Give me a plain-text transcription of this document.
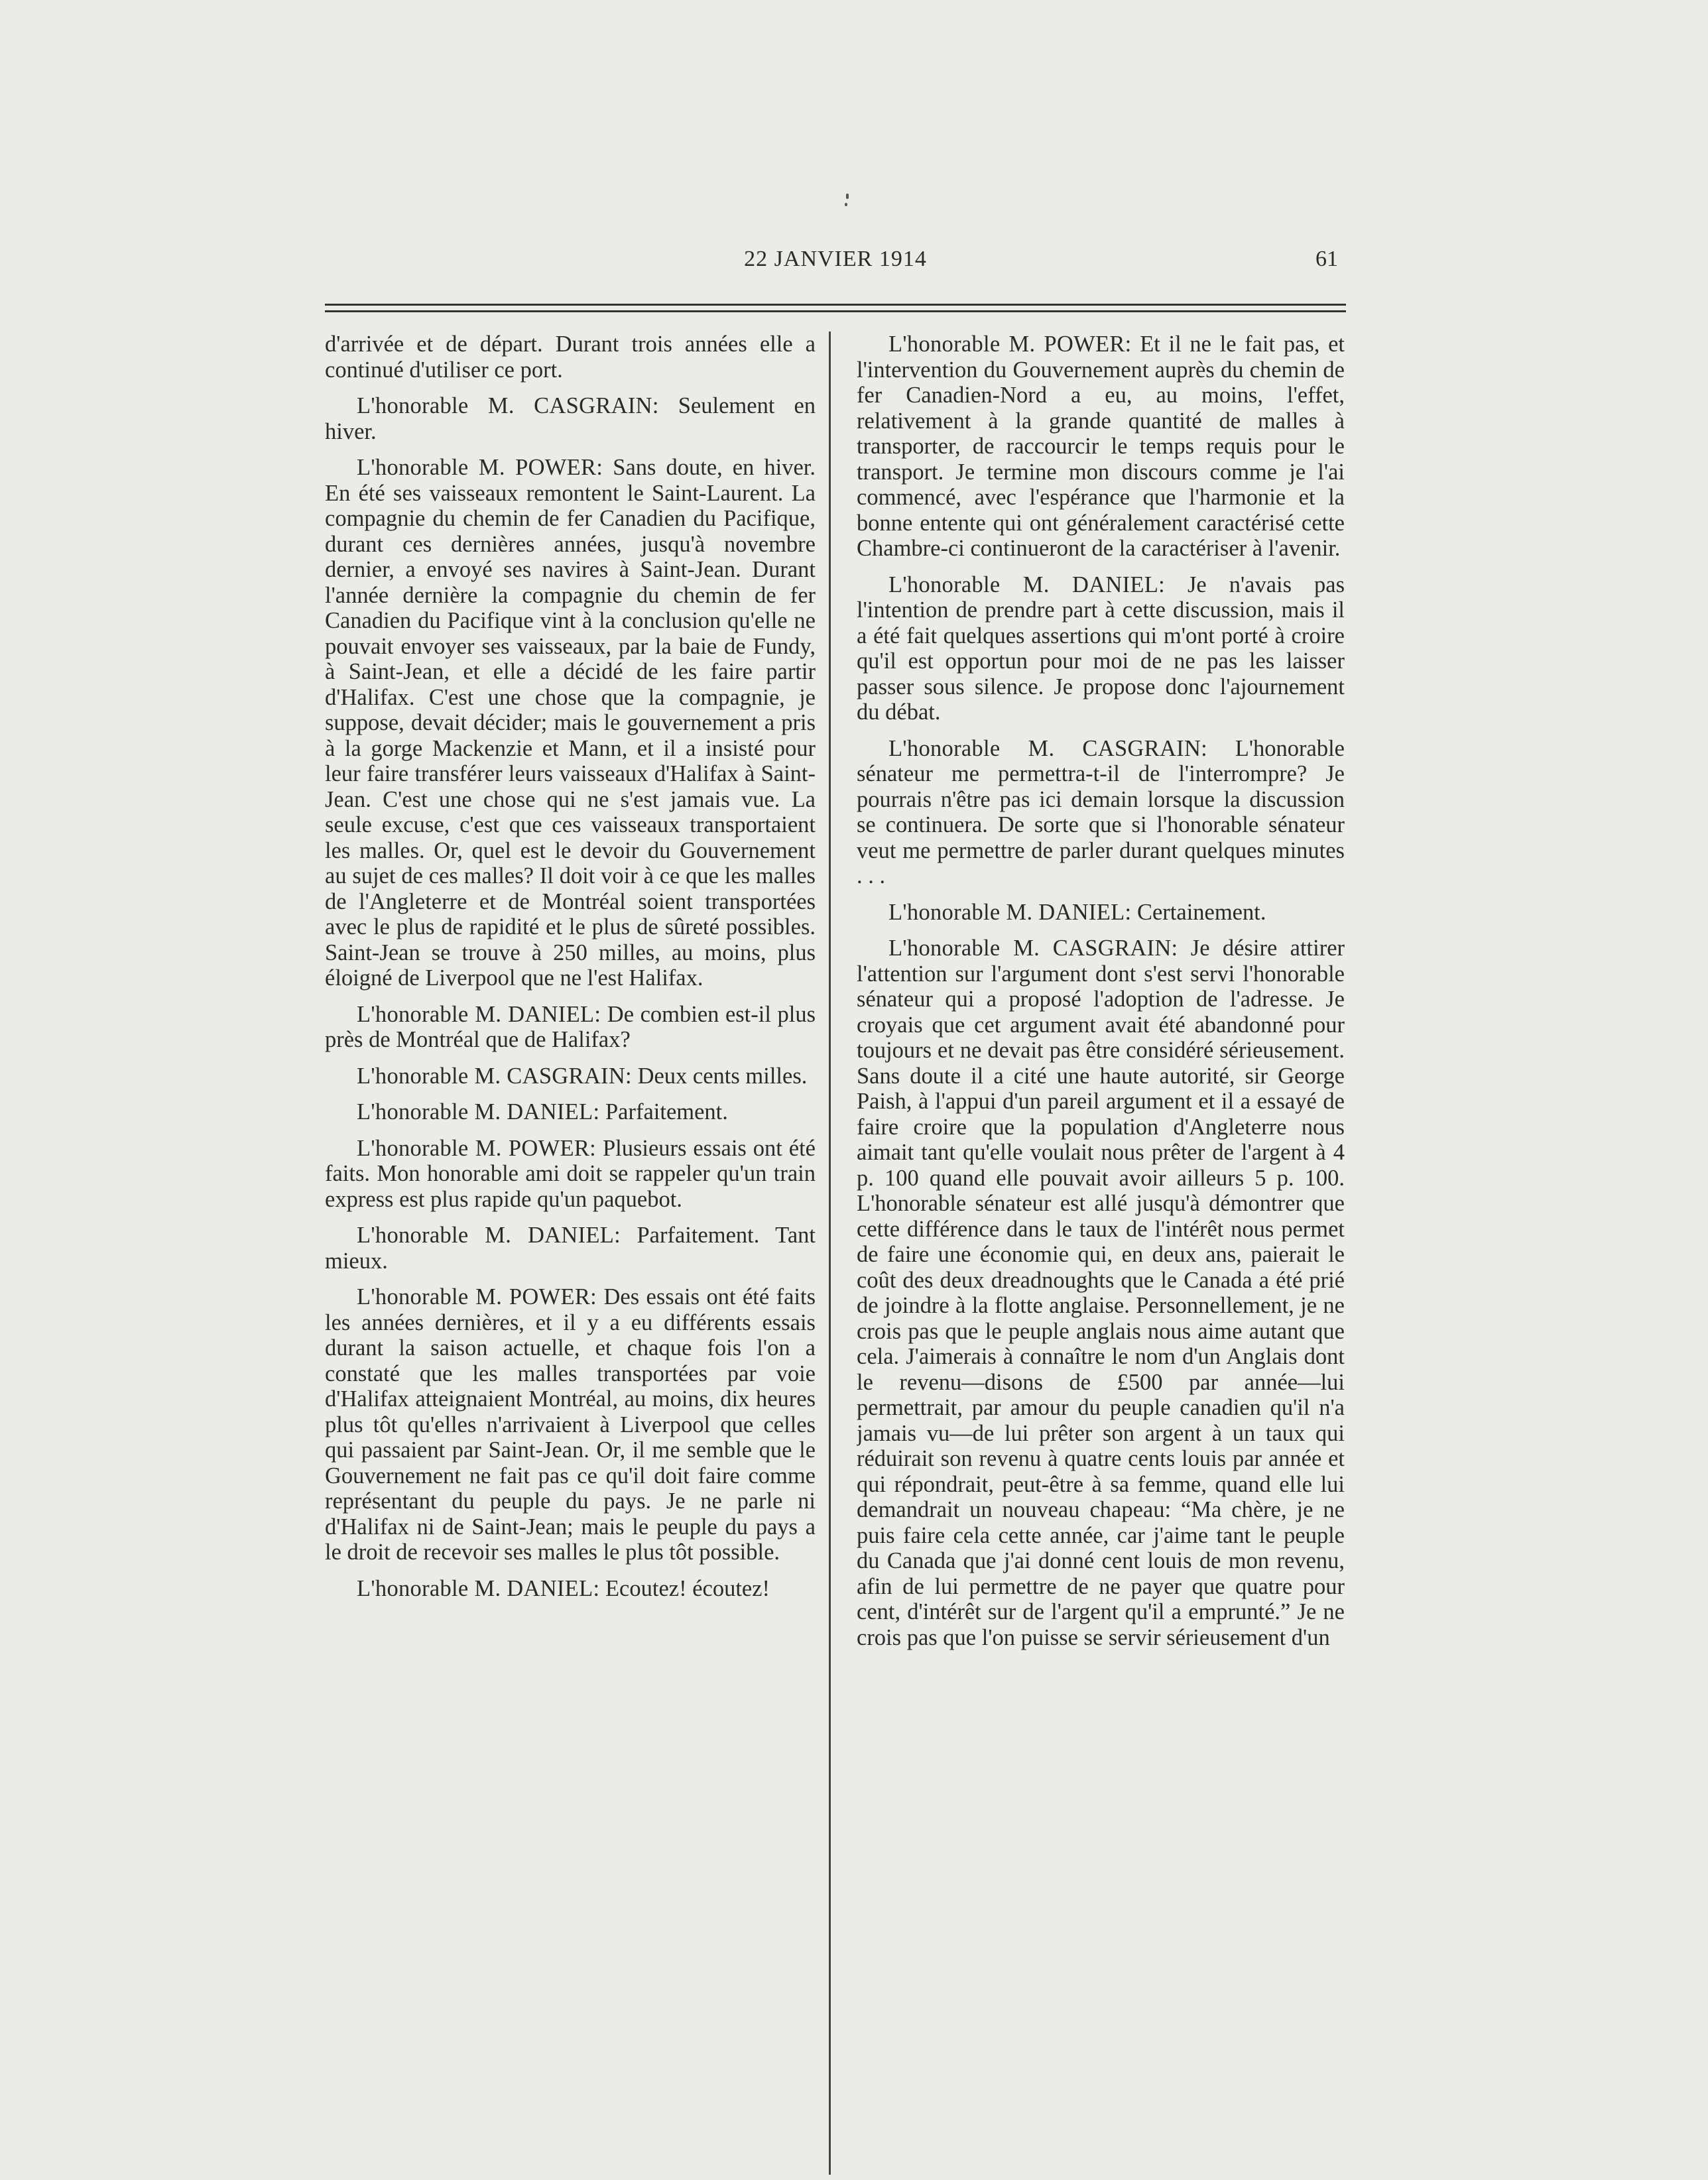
22 JANVIER 1914	61

d'arrivée et de départ. Durant trois années elle a continué d'utiliser ce port.

L'honorable M. CASGRAIN: Seulement en hiver.

L'honorable M. POWER: Sans doute, en hiver. En été ses vaisseaux remontent le Saint-Laurent. La compagnie du chemin de fer Canadien du Pacifique, durant ces dernières années, jusqu'à novembre dernier, a envoyé ses navires à Saint-Jean. Durant l'année dernière la compagnie du chemin de fer Canadien du Pacifique vint à la conclusion qu'elle ne pouvait envoyer ses vaisseaux, par la baie de Fundy, à Saint-Jean, et elle a décidé de les faire partir d'Halifax. C'est une chose que la compagnie, je suppose, devait décider; mais le gouvernement a pris à la gorge Mackenzie et Mann, et il a insisté pour leur faire transférer leurs vaisseaux d'Halifax à Saint-Jean. C'est une chose qui ne s'est jamais vue. La seule excuse, c'est que ces vaisseaux transportaient les malles. Or, quel est le devoir du Gouvernement au sujet de ces malles? Il doit voir à ce que les malles de l'Angleterre et de Montréal soient transportées avec le plus de rapidité et le plus de sûreté possibles. Saint-Jean se trouve à 250 milles, au moins, plus éloigné de Liverpool que ne l'est Halifax.

L'honorable M. DANIEL: De combien est-il plus près de Montréal que de Halifax?

L'honorable M. CASGRAIN: Deux cents milles.

L'honorable M. DANIEL: Parfaitement.

L'honorable M. POWER: Plusieurs essais ont été faits. Mon honorable ami doit se rappeler qu'un train express est plus rapide qu'un paquebot.

L'honorable M. DANIEL: Parfaitement. Tant mieux.

L'honorable M. POWER: Des essais ont été faits les années dernières, et il y a eu différents essais durant la saison actuelle, et chaque fois l'on a constaté que les malles transportées par voie d'Halifax atteignaient Montréal, au moins, dix heures plus tôt qu'elles n'arrivaient à Liverpool que celles qui passaient par Saint-Jean. Or, il me semble que le Gouvernement ne fait pas ce qu'il doit faire comme représentant du peuple du pays. Je ne parle ni d'Halifax ni de Saint-Jean; mais le peuple du pays a le droit de recevoir ses malles le plus tôt possible.

L'honorable M. DANIEL: Ecoutez! écoutez!

L'honorable M. POWER: Et il ne le fait pas, et l'intervention du Gouvernement auprès du chemin de fer Canadien-Nord a eu, au moins, l'effet, relativement à la grande quantité de malles à transporter, de raccourcir le temps requis pour le transport. Je termine mon discours comme je l'ai commencé, avec l'espérance que l'harmonie et la bonne entente qui ont généralement caractérisé cette Chambre-ci continueront de la caractériser à l'avenir.

L'honorable M. DANIEL: Je n'avais pas l'intention de prendre part à cette discussion, mais il a été fait quelques assertions qui m'ont porté à croire qu'il est opportun pour moi de ne pas les laisser passer sous silence. Je propose donc l'ajournement du débat.

L'honorable M. CASGRAIN: L'honorable sénateur me permettra-t-il de l'interrompre? Je pourrais n'être pas ici demain lorsque la discussion se continuera. De sorte que si l'honorable sénateur veut me permettre de parler durant quelques minutes . . .

L'honorable M. DANIEL: Certainement.

L'honorable M. CASGRAIN: Je désire attirer l'attention sur l'argument dont s'est servi l'honorable sénateur qui a proposé l'adoption de l'adresse. Je croyais que cet argument avait été abandonné pour toujours et ne devait pas être considéré sérieusement. Sans doute il a cité une haute autorité, sir George Paish, à l'appui d'un pareil argument et il a essayé de faire croire que la population d'Angleterre nous aimait tant qu'elle voulait nous prêter de l'argent à 4 p. 100 quand elle pouvait avoir ailleurs 5 p. 100. L'honorable sénateur est allé jusqu'à démontrer que cette différence dans le taux de l'intérêt nous permet de faire une économie qui, en deux ans, paierait le coût des deux dreadnoughts que le Canada a été prié de joindre à la flotte anglaise. Personnellement, je ne crois pas que le peuple anglais nous aime autant que cela. J'aimerais à connaître le nom d'un Anglais dont le revenu—disons de £500 par année—lui permettrait, par amour du peuple canadien qu'il n'a jamais vu—de lui prêter son argent à un taux qui réduirait son revenu à quatre cents louis par année et qui répondrait, peut-être à sa femme, quand elle lui demandrait un nouveau chapeau: “Ma chère, je ne puis faire cela cette année, car j'aime tant le peuple du Canada que j'ai donné cent louis de mon revenu, afin de lui permettre de ne payer que quatre pour cent, d'intérêt sur de l'argent qu'il a emprunté.” Je ne crois pas que l'on puisse se servir sérieusement d'un
